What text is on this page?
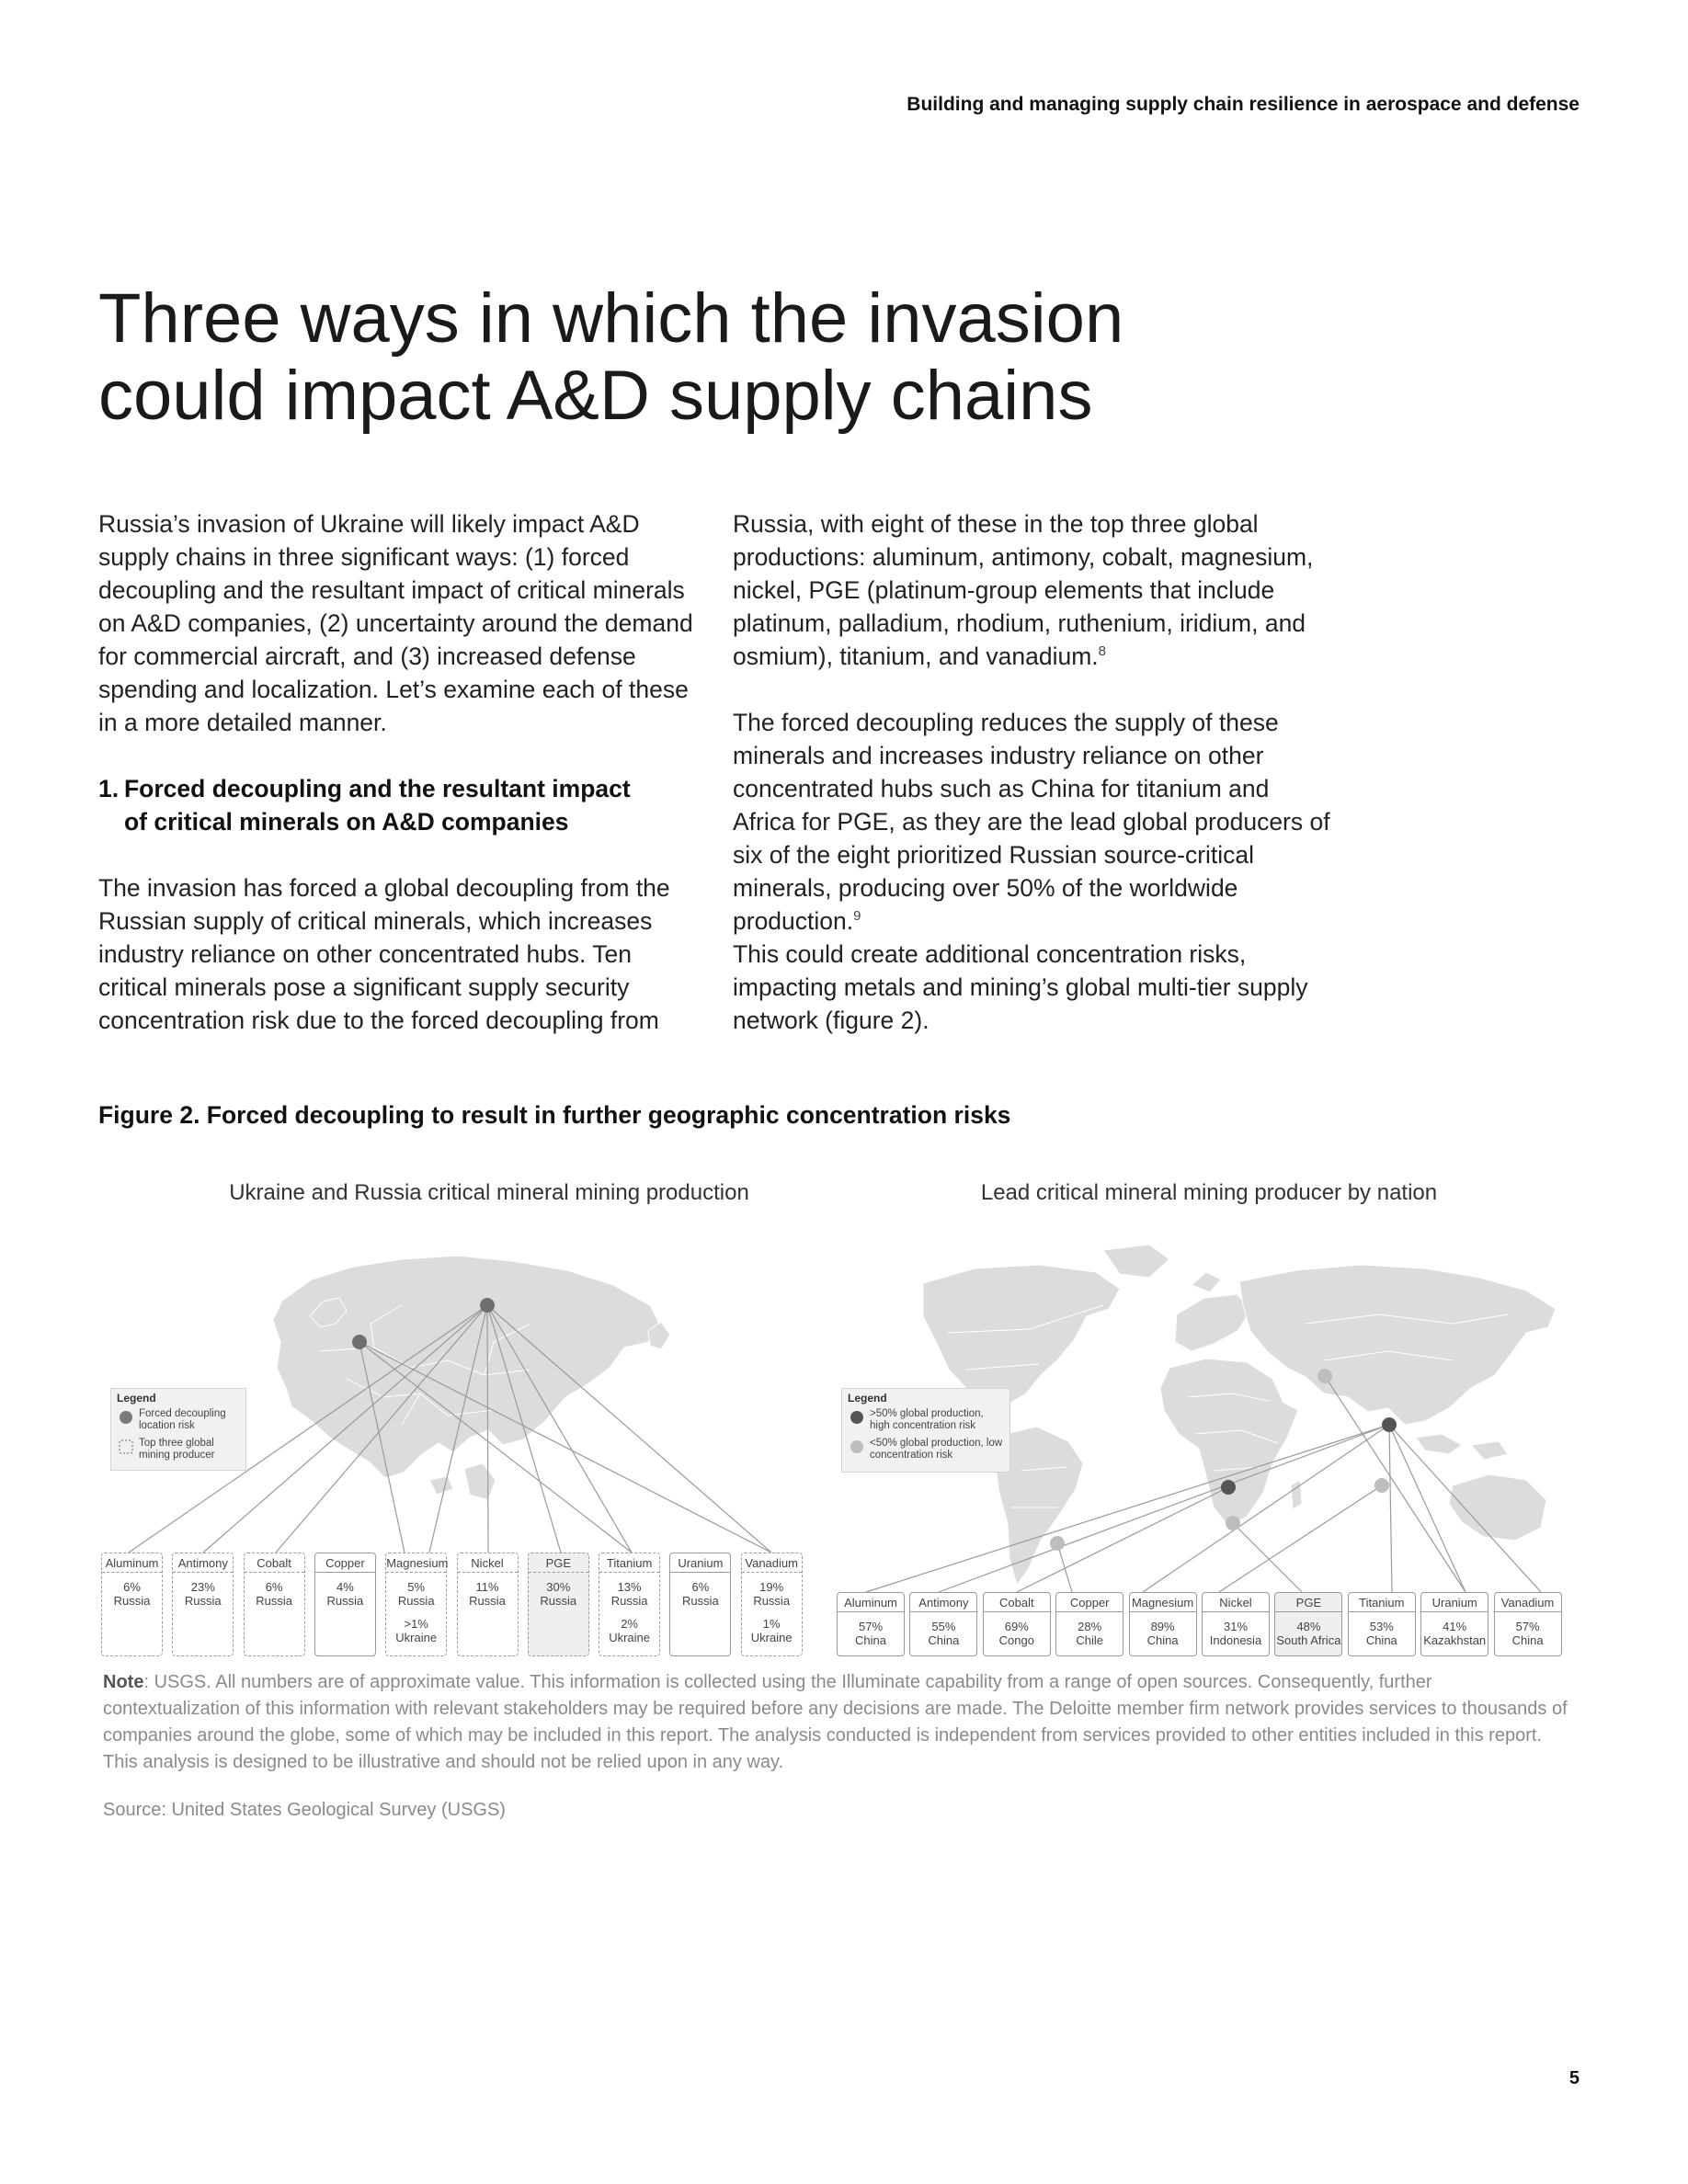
Building and managing supply chain resilience in aerospace and defense
Three ways in which the invasion
could impact A&D supply chains

Russia’s invasion of Ukraine will likely impact A&D supply chains in three significant ways: (1) forced decoupling and the resultant impact of critical minerals on A&D companies, (2) uncertainty around the demand for commercial aircraft, and (3) increased defense spending and localization. Let’s examine each of these in a more detailed manner.

1. Forced decoupling and the resultant impact
of critical minerals on A&D companies

The invasion has forced a global decoupling from the Russian supply of critical minerals, which increases industry reliance on other concentrated hubs. Ten critical minerals pose a significant supply security concentration risk due to the forced decoupling from

Russia, with eight of these in the top three global productions: aluminum, antimony, cobalt, magnesium, nickel, PGE (platinum-group elements that include platinum, palladium, rhodium, ruthenium, iridium, and osmium), titanium, and vanadium.$^8$

The forced decoupling reduces the supply of these minerals and increases industry reliance on other concentrated hubs such as China for titanium and Africa for PGE, as they are the lead global producers of six of the eight prioritized Russian source-critical minerals, producing over 50% of the worldwide production.$^9$
This could create additional concentration risks, impacting metals and mining’s global multi-tier supply network (figure 2).

Figure 2. Forced decoupling to result in further geographic concentration risks
Ukraine and Russia critical mineral mining production	Lead critical mineral mining producer by nation
Legend
Forced decoupling location risk
Top three global mining producer
Aluminum
6%
Russia
Antimony
23%
Russia
Cobalt
6%
Russia
Copper
4%
Russia
Magnesium
5%
Russia
>1%
Ukraine
Nickel
11%
Russia
PGE
30%
Russia
Titanium
13%
Russia
2%
Ukraine
Uranium
6%
Russia
Vanadium
19%
Russia
1%
Ukraine
Legend
>50% global production, high concentration risk
<50% global production, low concentration risk
Aluminum
57%
China
Antimony
55%
China
Cobalt
69%
Congo
Copper
28%
Chile
Magnesium
89%
China
Nickel
31%
Indonesia
PGE
48%
South Africa
Titanium
53%
China
Uranium
41%
Kazakhstan
Vanadium
57%
China
Note: USGS. All numbers are of approximate value. This information is collected using the Illuminate capability from a range of open sources. Consequently, further contextualization of this information with relevant stakeholders may be required before any decisions are made. The Deloitte member firm network provides services to thousands of companies around the globe, some of which may be included in this report. The analysis conducted is independent from services provided to other entities included in this report. This analysis is designed to be illustrative and should not be relied upon in any way.
Source: United States Geological Survey (USGS)
5
